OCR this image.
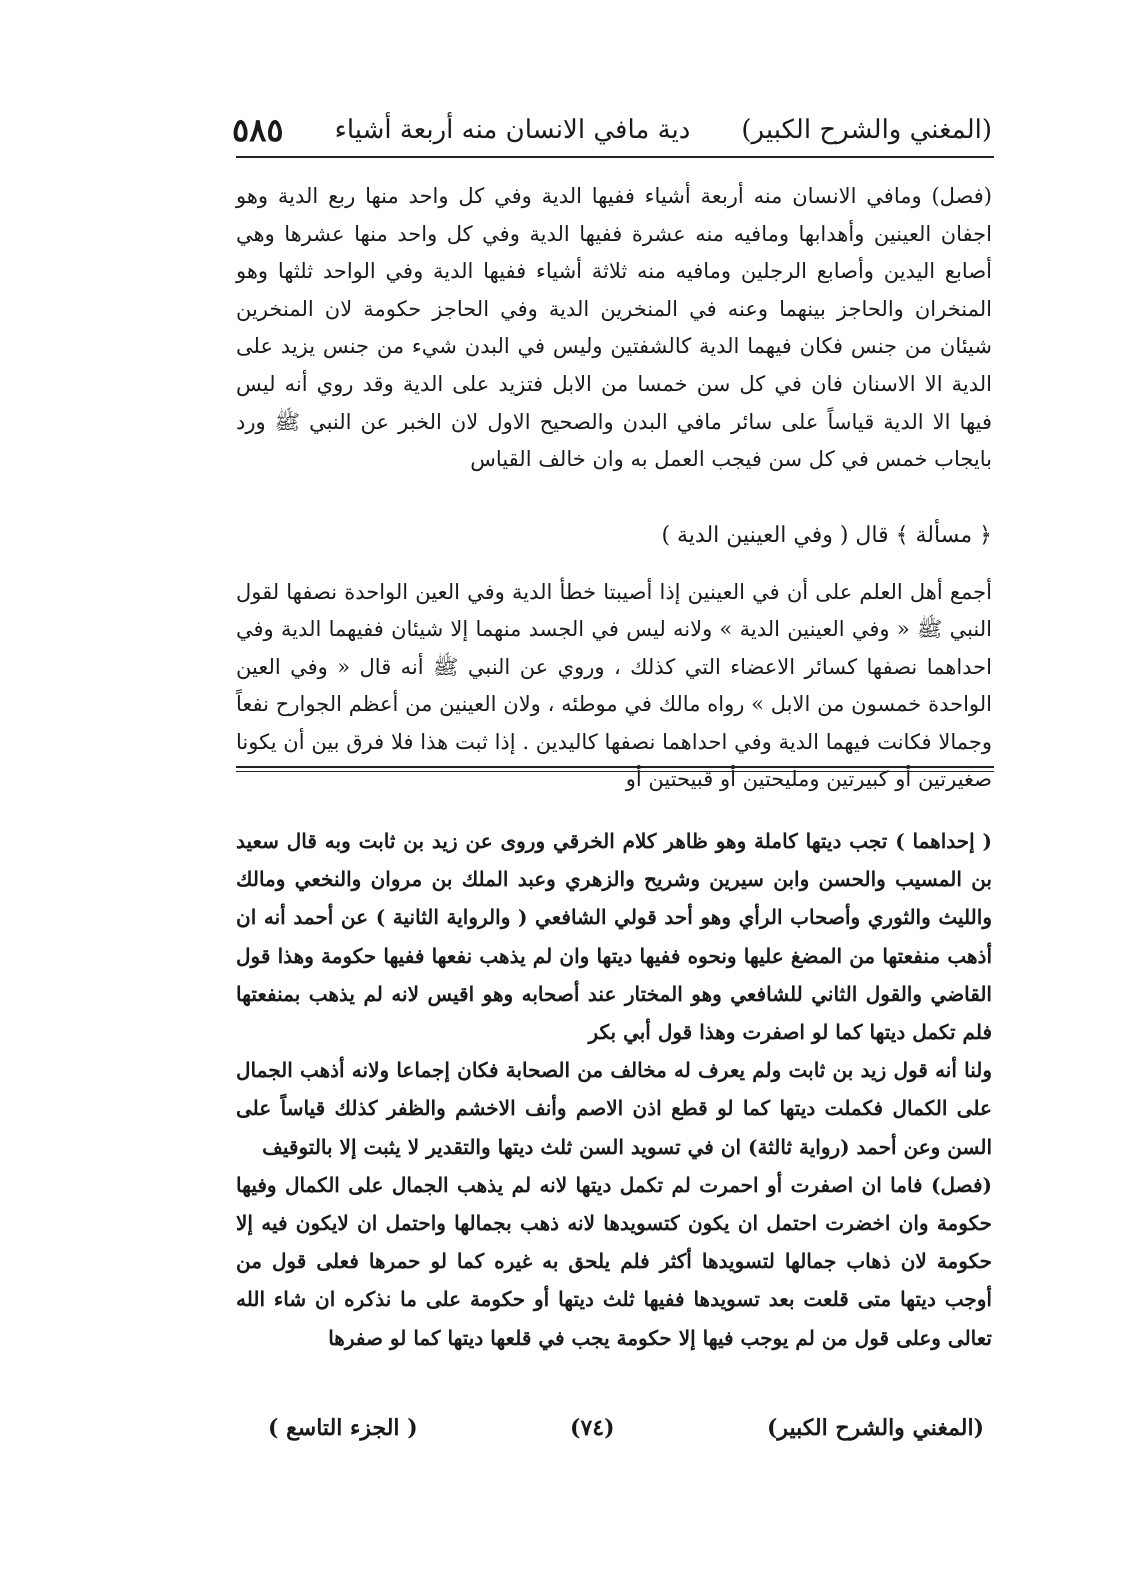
(المغني والشرح الكبير)
دية مافي الانسان منه أربعة أشياء
٥٨٥

(فصل) ومافي الانسان منه أربعة أشياء ففيها الدية وفي كل واحد منها ربع الدية وهو اجفان العينين وأهدابها ومافيه منه عشرة ففيها الدية وفي كل واحد منها عشرها وهي أصابع اليدين وأصابع الرجلين ومافيه منه ثلاثة أشياء ففيها الدية وفي الواحد ثلثها وهو المنخران والحاجز بينهما وعنه في المنخرين الدية وفي الحاجز حكومة لان المنخرين شيئان من جنس فكان فيهما الدية كالشفتين وليس في البدن شيء من جنس يزيد على الدية الا الاسنان فان في كل سن خمسا من الابل فتزيد على الدية وقد روي أنه ليس فيها الا الدية قياساً على سائر مافي البدن والصحيح الاول لان الخبر عن النبي ﷺ ورد بايجاب خمس في كل سن فيجب العمل به وان خالف القياس

﴿ مسألة ﴾ قال ( وفي العينين الدية )

أجمع أهل العلم على أن في العينين إذا أصيبتا خطأ الدية وفي العين الواحدة نصفها لقول النبي ﷺ « وفي العينين الدية » ولانه ليس في الجسد منهما إلا شيئان ففيهما الدية وفي احداهما نصفها كسائر الاعضاء التي كذلك ، وروي عن النبي ﷺ أنه قال « وفي العين الواحدة خمسون من الابل » رواه مالك في موطئه ، ولان العينين من أعظم الجوارح نفعاً وجمالا فكانت فيهما الدية وفي احداهما نصفها كاليدين . إذا ثبت هذا فلا فرق بين أن يكونا صغيرتين أو كبيرتين ومليحتين أو قبيحتين أو

( إحداهما ) تجب ديتها كاملة وهو ظاهر كلام الخرقي وروى عن زيد بن ثابت وبه قال سعيد بن المسيب والحسن وابن سيرين وشريح والزهري وعبد الملك بن مروان والنخعي ومالك والليث والثوري وأصحاب الرأي وهو أحد قولي الشافعي ( والرواية الثانية ) عن أحمد أنه ان أذهب منفعتها من المضغ عليها ونحوه ففيها ديتها وان لم يذهب نفعها ففيها حكومة وهذا قول القاضي والقول الثاني للشافعي وهو المختار عند أصحابه وهو اقيس لانه لم يذهب بمنفعتها فلم تكمل ديتها كما لو اصفرت وهذا قول أبي بكر

ولنا أنه قول زيد بن ثابت ولم يعرف له مخالف من الصحابة فكان إجماعا ولانه أذهب الجمال على الكمال فكملت ديتها كما لو قطع اذن الاصم وأنف الاخشم والظفر كذلك قياساً على السن وعن أحمد (رواية ثالثة) ان في تسويد السن ثلث ديتها والتقدير لا يثبت إلا بالتوقيف

(فصل) فاما ان اصفرت أو احمرت لم تكمل ديتها لانه لم يذهب الجمال على الكمال وفيها حكومة وان اخضرت احتمل ان يكون كتسويدها لانه ذهب بجمالها واحتمل ان لايكون فيه إلا حكومة لان ذهاب جمالها لتسويدها أكثر فلم يلحق به غيره كما لو حمرها فعلى قول من أوجب ديتها متى قلعت بعد تسويدها ففيها ثلث ديتها أو حكومة على ما نذكره ان شاء الله تعالى وعلى قول من لم يوجب فيها إلا حكومة يجب في قلعها ديتها كما لو صفرها

(المغني والشرح الكبير)
(٧٤)
( الجزء التاسع )
